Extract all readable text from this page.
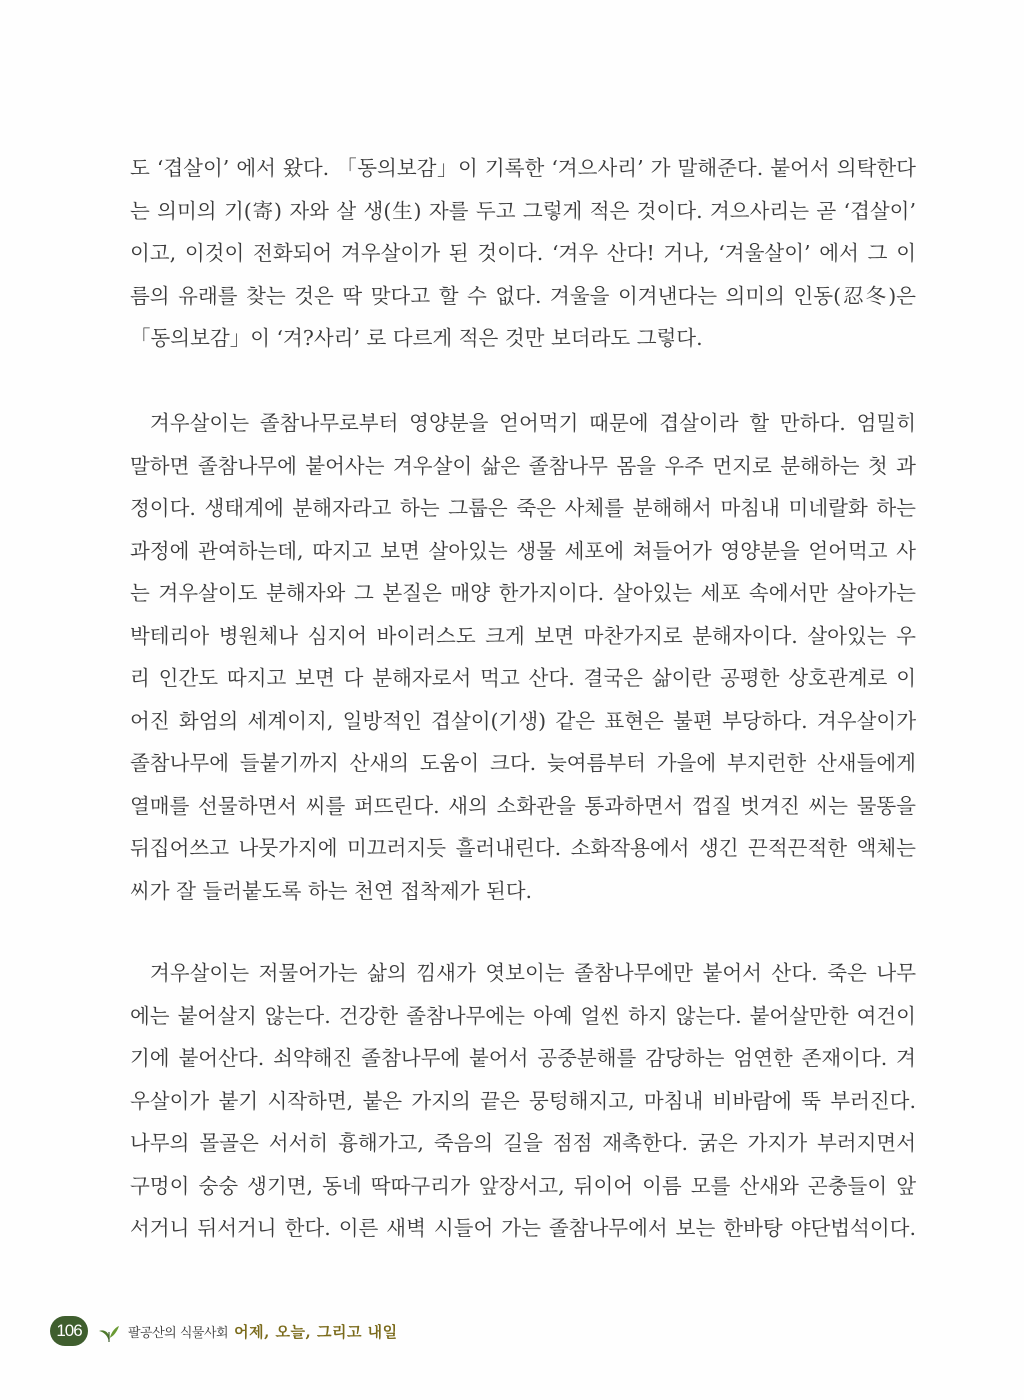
도 ‘겹살이’ 에서 왔다. 「동의보감」이 기록한 ‘겨으사리’ 가 말해준다. 붙어서 의탁한다
는 의미의 기(寄) 자와 살 생(生) 자를 두고 그렇게 적은 것이다. 겨으사리는 곧 ‘겹살이’
이고, 이것이 전화되어 겨우살이가 된 것이다. ‘겨우 산다! 거나, ‘겨울살이’ 에서 그 이
름의 유래를 찾는 것은 딱 맞다고 할 수 없다. 겨울을 이겨낸다는 의미의 인동(忍冬)은
「동의보감」이 ‘겨?사리’ 로 다르게 적은 것만 보더라도 그렇다.
겨우살이는 졸참나무로부터 영양분을 얻어먹기 때문에 겹살이라 할 만하다. 엄밀히
말하면 졸참나무에 붙어사는 겨우살이 삶은 졸참나무 몸을 우주 먼지로 분해하는 첫 과
정이다. 생태계에 분해자라고 하는 그룹은 죽은 사체를 분해해서 마침내 미네랄화 하는
과정에 관여하는데, 따지고 보면 살아있는 생물 세포에 쳐들어가 영양분을 얻어먹고 사
는 겨우살이도 분해자와 그 본질은 매양 한가지이다. 살아있는 세포 속에서만 살아가는
박테리아 병원체나 심지어 바이러스도 크게 보면 마찬가지로 분해자이다. 살아있는 우
리 인간도 따지고 보면 다 분해자로서 먹고 산다. 결국은 삶이란 공평한 상호관계로 이
어진 화엄의 세계이지, 일방적인 겹살이(기생) 같은 표현은 불편 부당하다. 겨우살이가
졸참나무에 들붙기까지 산새의 도움이 크다. 늦여름부터 가을에 부지런한 산새들에게
열매를 선물하면서 씨를 퍼뜨린다. 새의 소화관을 통과하면서 껍질 벗겨진 씨는 물똥을
뒤집어쓰고 나뭇가지에 미끄러지듯 흘러내린다. 소화작용에서 생긴 끈적끈적한 액체는
씨가 잘 들러붙도록 하는 천연 접착제가 된다.
겨우살이는 저물어가는 삶의 낌새가 엿보이는 졸참나무에만 붙어서 산다. 죽은 나무
에는 붙어살지 않는다. 건강한 졸참나무에는 아예 얼씬 하지 않는다. 붙어살만한 여건이
기에 붙어산다. 쇠약해진 졸참나무에 붙어서 공중분해를 감당하는 엄연한 존재이다. 겨
우살이가 붙기 시작하면, 붙은 가지의 끝은 뭉텅해지고, 마침내 비바람에 뚝 부러진다.
나무의 몰골은 서서히 흉해가고, 죽음의 길을 점점 재촉한다. 굵은 가지가 부러지면서
구멍이 숭숭 생기면, 동네 딱따구리가 앞장서고, 뒤이어 이름 모를 산새와 곤충들이 앞
서거니 뒤서거니 한다. 이른 새벽 시들어 가는 졸참나무에서 보는 한바탕 야단법석이다.
106	팔공산의 식물사회 어제, 오늘, 그리고 내일
